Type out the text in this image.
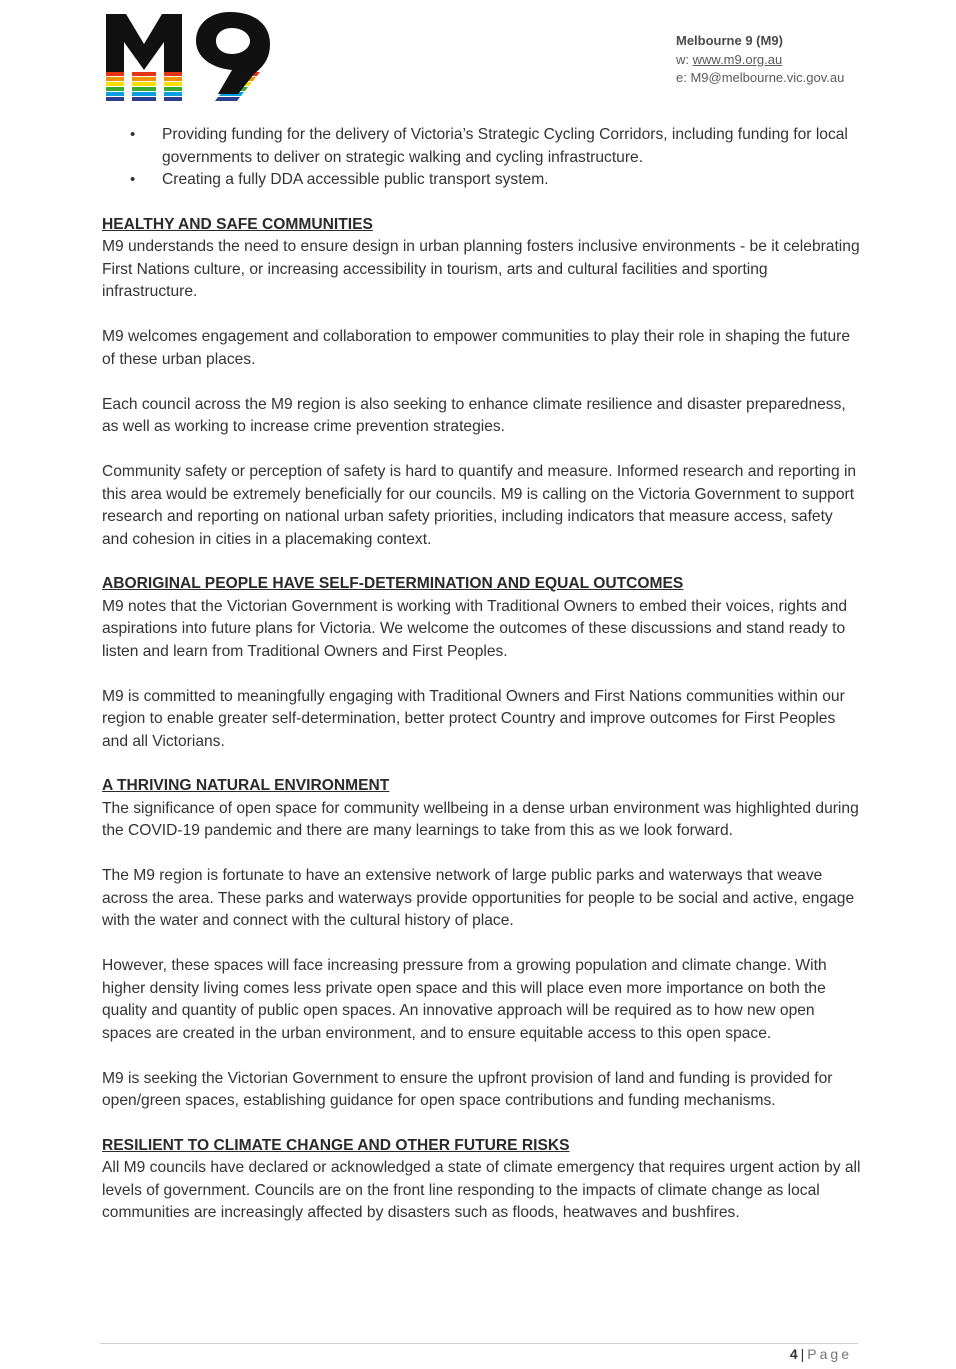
Melbourne 9 (M9)
w: www.m9.org.au
e: M9@melbourne.vic.gov.au
• Providing funding for the delivery of Victoria’s Strategic Cycling Corridors, including funding for local governments to deliver on strategic walking and cycling infrastructure.
• Creating a fully DDA accessible public transport system.
HEALTHY AND SAFE COMMUNITIES

M9 understands the need to ensure design in urban planning fosters inclusive environments - be it celebrating First Nations culture, or increasing accessibility in tourism, arts and cultural facilities and sporting infrastructure.

M9 welcomes engagement and collaboration to empower communities to play their role in shaping the future of these urban places.

Each council across the M9 region is also seeking to enhance climate resilience and disaster preparedness, as well as working to increase crime prevention strategies.

Community safety or perception of safety is hard to quantify and measure. Informed research and reporting in this area would be extremely beneficially for our councils. M9 is calling on the Victoria Government to support research and reporting on national urban safety priorities, including indicators that measure access, safety and cohesion in cities in a placemaking context.

ABORIGINAL PEOPLE HAVE SELF-DETERMINATION AND EQUAL OUTCOMES

M9 notes that the Victorian Government is working with Traditional Owners to embed their voices, rights and aspirations into future plans for Victoria. We welcome the outcomes of these discussions and stand ready to listen and learn from Traditional Owners and First Peoples.

M9 is committed to meaningfully engaging with Traditional Owners and First Nations communities within our region to enable greater self-determination, better protect Country and improve outcomes for First Peoples and all Victorians.

A THRIVING NATURAL ENVIRONMENT

The significance of open space for community wellbeing in a dense urban environment was highlighted during the COVID-19 pandemic and there are many learnings to take from this as we look forward.

The M9 region is fortunate to have an extensive network of large public parks and waterways that weave across the area. These parks and waterways provide opportunities for people to be social and active, engage with the water and connect with the cultural history of place.

However, these spaces will face increasing pressure from a growing population and climate change. With higher density living comes less private open space and this will place even more importance on both the quality and quantity of public open spaces. An innovative approach will be required as to how new open spaces are created in the urban environment, and to ensure equitable access to this open space.

M9 is seeking the Victorian Government to ensure the upfront provision of land and funding is provided for open/green spaces, establishing guidance for open space contributions and funding mechanisms.

RESILIENT TO CLIMATE CHANGE AND OTHER FUTURE RISKS

All M9 councils have declared or acknowledged a state of climate emergency that requires urgent action by all levels of government. Councils are on the front line responding to the impacts of climate change as local communities are increasingly affected by disasters such as floods, heatwaves and bushfires.

4 | Page
